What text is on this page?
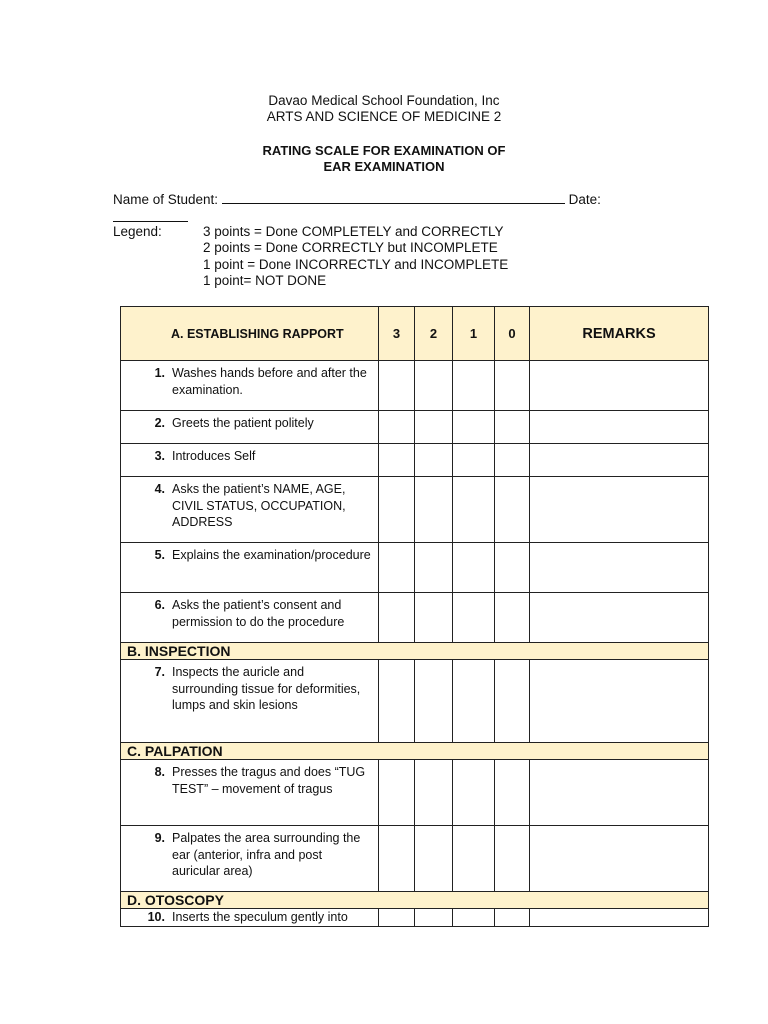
Davao Medical School Foundation, Inc
ARTS AND SCIENCE OF MEDICINE 2
RATING SCALE FOR EXAMINATION OF
EAR EXAMINATION
Name of Student:	Date:
Legend:	3 points = Done COMPLETELY and CORRECTLY
2 points = Done CORRECTLY but INCOMPLETE
1 point = Done INCORRECTLY and INCOMPLETE
1 point= NOT DONE
A. ESTABLISHING RAPPORT	3	2	1	0	REMARKS

1. Washes hands before and after the examination.					

2. Greets the patient politely					

3. Introduces Self					

4. Asks the patient’s NAME, AGE, CIVIL STATUS, OCCUPATION, ADDRESS					

5. Explains the examination/procedure					

6. Asks the patient’s consent and permission to do the procedure					

B. INSPECTION					

7. Inspects the auricle and surrounding tissue for deformities, lumps and skin lesions					

C. PALPATION					

8. Presses the tragus and does “TUG TEST” – movement of tragus					

9. Palpates the area surrounding the ear (anterior, infra and post auricular area)					

D. OTOSCOPY					

10. Inserts the speculum gently into					
